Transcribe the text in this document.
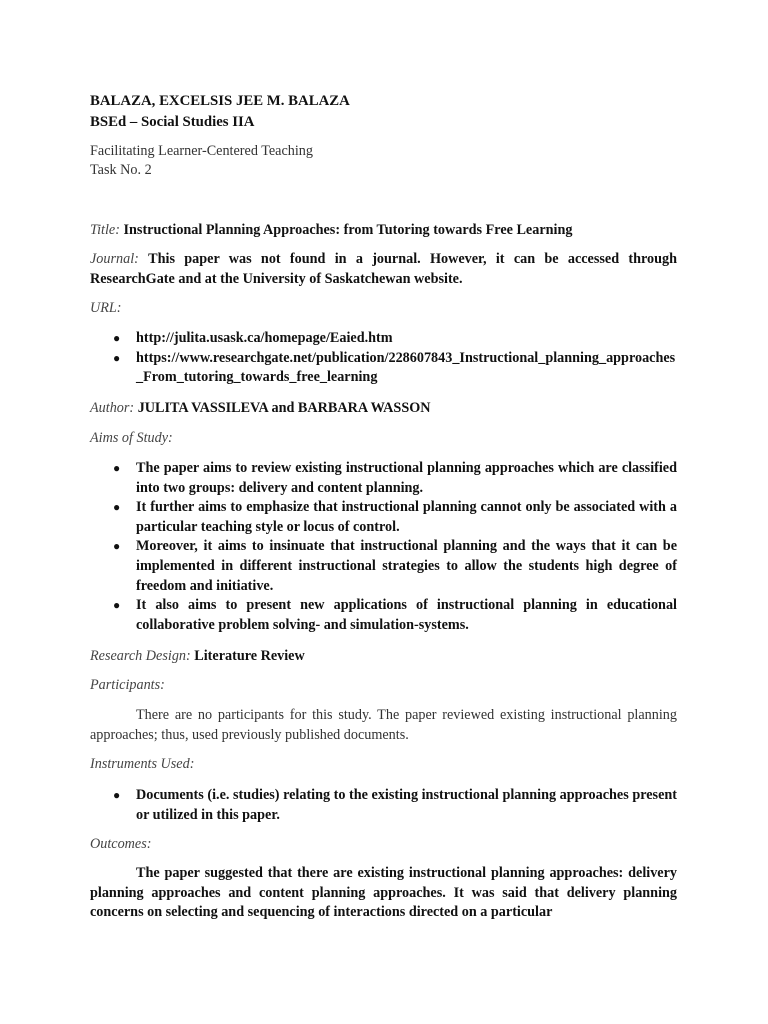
BALAZA, EXCELSIS JEE M. BALAZA

BSEd – Social Studies IIA

Facilitating Learner-Centered Teaching

Task No. 2

Title: Instructional Planning Approaches: from Tutoring towards Free Learning

Journal: This paper was not found in a journal. However, it can be accessed through ResearchGate and at the University of Saskatchewan website.

URL:

● http://julita.usask.ca/homepage/Eaied.htm
● https://www.researchgate.net/publication/228607843_Instructional_planning_approaches_From_tutoring_towards_free_learning

Author: JULITA VASSILEVA and BARBARA WASSON

Aims of Study:

● The paper aims to review existing instructional planning approaches which are classified into two groups: delivery and content planning.
● It further aims to emphasize that instructional planning cannot only be associated with a particular teaching style or locus of control.
● Moreover, it aims to insinuate that instructional planning and the ways that it can be implemented in different instructional strategies to allow the students high degree of freedom and initiative.
● It also aims to present new applications of instructional planning in educational collaborative problem solving- and simulation-systems.

Research Design: Literature Review

Participants:

There are no participants for this study. The paper reviewed existing instructional planning approaches; thus, used previously published documents.

Instruments Used:

● Documents (i.e. studies) relating to the existing instructional planning approaches present or utilized in this paper.

Outcomes:

The paper suggested that there are existing instructional planning approaches: delivery planning approaches and content planning approaches. It was said that delivery planning concerns on selecting and sequencing of interactions directed on a particular
